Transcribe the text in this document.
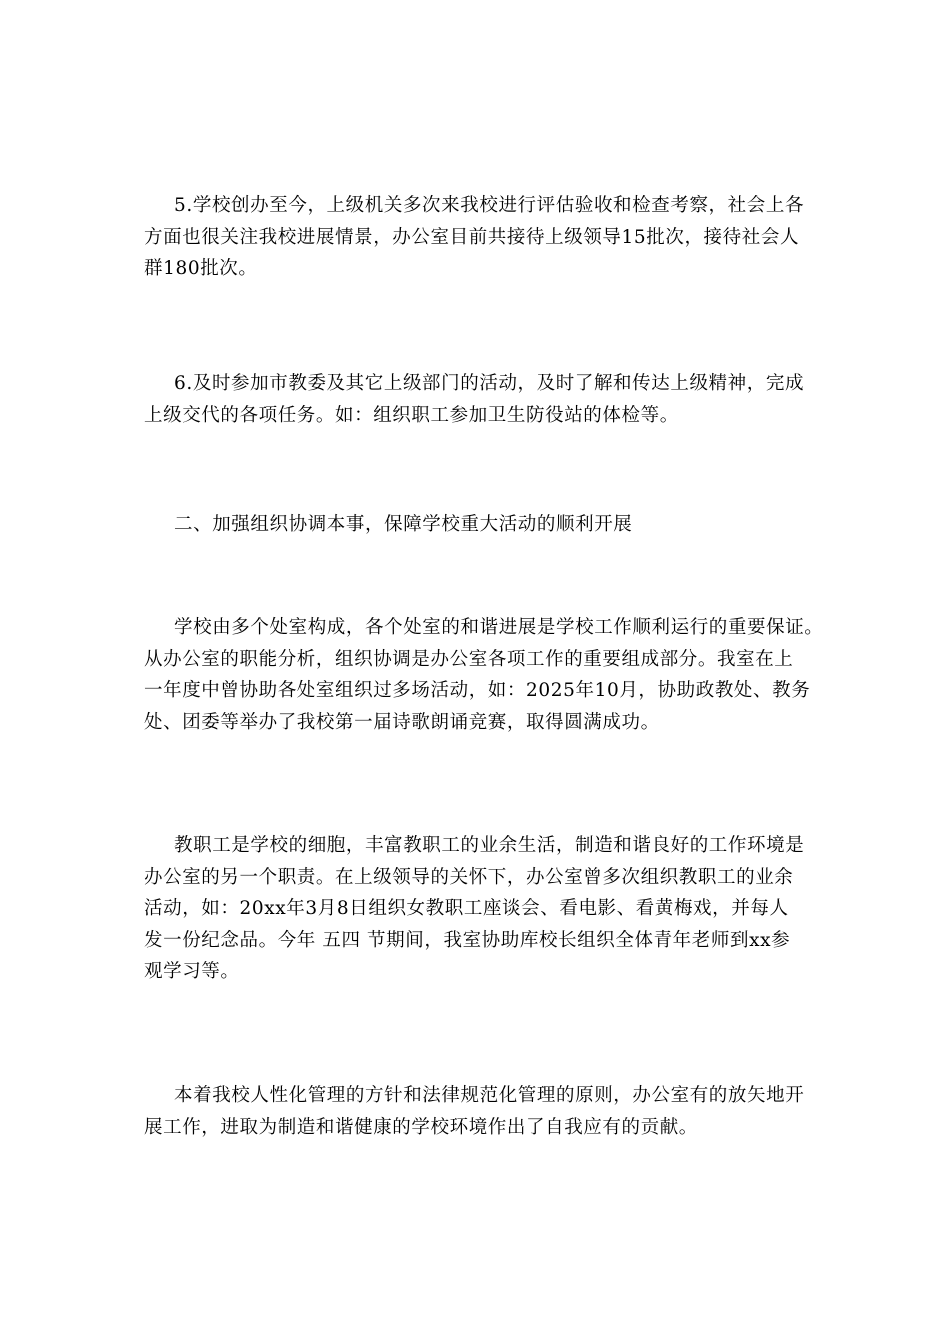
5.学校创办至今，上级机关多次来我校进行评估验收和检查考察，社会上各
方面也很关注我校进展情景，办公室目前共接待上级领导15批次，接待社会人
群180批次。
6.及时参加市教委及其它上级部门的活动，及时了解和传达上级精神，完成
上级交代的各项任务。如：组织职工参加卫生防役站的体检等。
二、加强组织协调本事，保障学校重大活动的顺利开展
学校由多个处室构成，各个处室的和谐进展是学校工作顺利运行的重要保证。
从办公室的职能分析，组织协调是办公室各项工作的重要组成部分。我室在上
一年度中曾协助各处室组织过多场活动，如：2025年10月，协助政教处、教务
处、团委等举办了我校第一届诗歌朗诵竞赛，取得圆满成功。
教职工是学校的细胞，丰富教职工的业余生活，制造和谐良好的工作环境是
办公室的另一个职责。在上级领导的关怀下，办公室曾多次组织教职工的业余
活动，如：20xx年3月8日组织女教职工座谈会、看电影、看黄梅戏，并每人
发一份纪念品。今年 五四 节期间，我室协助库校长组织全体青年老师到xx参
观学习等。
本着我校人性化管理的方针和法律规范化管理的原则，办公室有的放矢地开
展工作，进取为制造和谐健康的学校环境作出了自我应有的贡献。
